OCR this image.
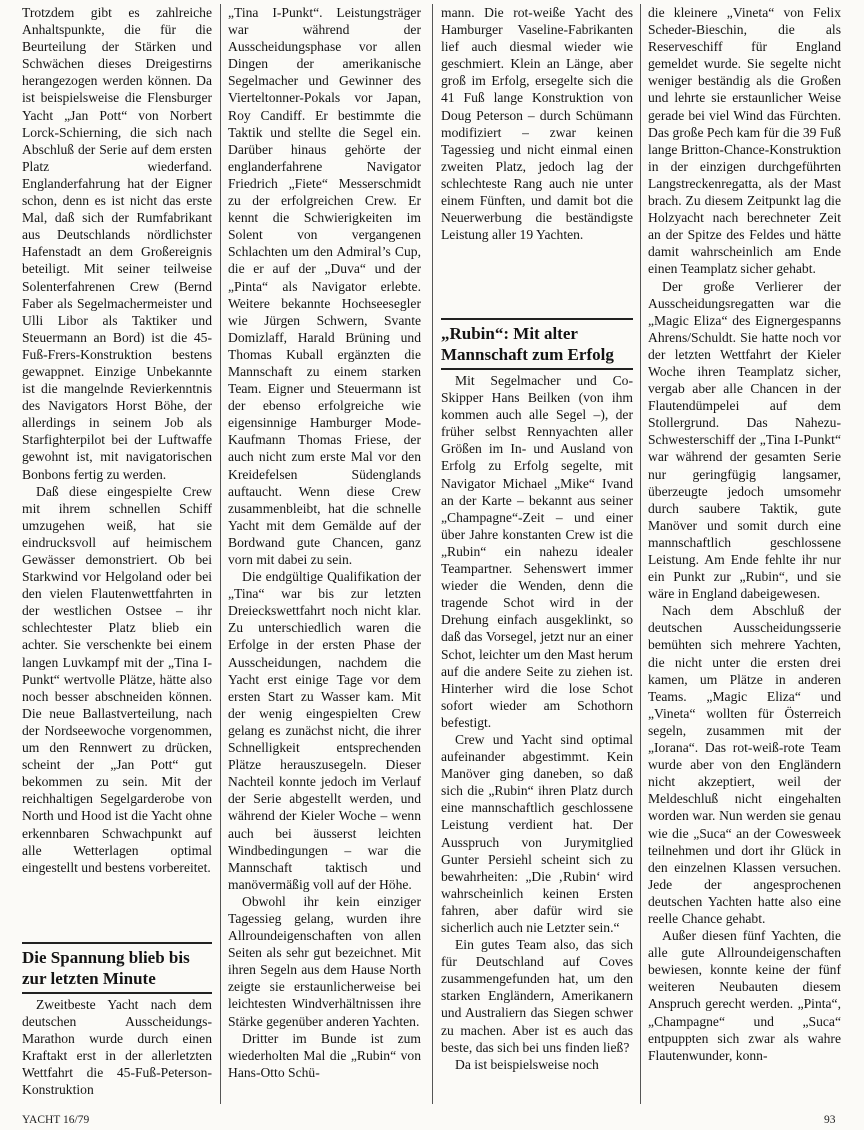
Trotzdem gibt es zahlreiche Anhaltspunkte, die für die Beurteilung der Stärken und Schwächen dieses Dreigestirns herangezogen werden können. Da ist beispielsweise die Flensburger Yacht „Jan Pott“ von Norbert Lorck-Schierning, die sich nach Abschluß der Serie auf dem ersten Platz wiederfand. Englanderfahrung hat der Eigner schon, denn es ist nicht das erste Mal, daß sich der Rumfabrikant aus Deutschlands nördlichster Hafenstadt an dem Großereignis beteiligt. Mit seiner teilweise Solenterfahrenen Crew (Bernd Faber als Segelmachermeister und Ulli Libor als Taktiker und Steuermann an Bord) ist die 45-Fuß-Frers-Konstruktion bestens gewappnet. Einzige Unbekannte ist die mangelnde Revierkenntnis des Navigators Horst Böhe, der allerdings in seinem Job als Starfighterpilot bei der Luftwaffe gewohnt ist, mit navigatorischen Bonbons fertig zu werden.

Daß diese eingespielte Crew mit ihrem schnellen Schiff umzugehen weiß, hat sie eindrucksvoll auf heimischem Gewässer demonstriert. Ob bei Starkwind vor Helgoland oder bei den vielen Flautenwettfahrten in der westlichen Ostsee – ihr schlechtester Platz blieb ein achter. Sie verschenkte bei einem langen Luvkampf mit der „Tina I-Punkt“ wertvolle Plätze, hätte also noch besser abschneiden können. Die neue Ballastverteilung, nach der Nordseewoche vorgenommen, um den Rennwert zu drücken, scheint der „Jan Pott“ gut bekommen zu sein. Mit der reichhaltigen Segelgarderobe von North und Hood ist die Yacht ohne erkennbaren Schwachpunkt auf alle Wetterlagen optimal eingestellt und bestens vorbereitet.

Die Spannung blieb bis zur letzten Minute

Zweitbeste Yacht nach dem deutschen Ausscheidungs-Marathon wurde durch einen Kraftakt erst in der allerletzten Wettfahrt die 45-Fuß-Peterson-Konstruktion

„Tina I-Punkt“. Leistungsträger war während der Ausscheidungsphase vor allen Dingen der amerikanische Segelmacher und Gewinner des Vierteltonner-Pokals vor Japan, Roy Candiff. Er bestimmte die Taktik und stellte die Segel ein. Darüber hinaus gehörte der englanderfahrene Navigator Friedrich „Fiete“ Messerschmidt zu der erfolgreichen Crew. Er kennt die Schwierigkeiten im Solent von vergangenen Schlachten um den Admiral’s Cup, die er auf der „Duva“ und der „Pinta“ als Navigator erlebte. Weitere bekannte Hochseesegler wie Jürgen Schwern, Svante Domizlaff, Harald Brüning und Thomas Kuball ergänzten die Mannschaft zu einem starken Team. Eigner und Steuermann ist der ebenso erfolgreiche wie eigensinnige Hamburger Mode-Kaufmann Thomas Friese, der auch nicht zum erste Mal vor den Kreidefelsen Südenglands auftaucht. Wenn diese Crew zusammenbleibt, hat die schnelle Yacht mit dem Gemälde auf der Bordwand gute Chancen, ganz vorn mit dabei zu sein.

Die endgültige Qualifikation der „Tina“ war bis zur letzten Dreieckswettfahrt noch nicht klar. Zu unterschiedlich waren die Erfolge in der ersten Phase der Ausscheidungen, nachdem die Yacht erst einige Tage vor dem ersten Start zu Wasser kam. Mit der wenig eingespielten Crew gelang es zunächst nicht, die ihrer Schnelligkeit entsprechenden Plätze herauszusegeln. Dieser Nachteil konnte jedoch im Verlauf der Serie abgestellt werden, und während der Kieler Woche – wenn auch bei äusserst leichten Windbedingungen – war die Mannschaft taktisch und manövermäßig voll auf der Höhe.

Obwohl ihr kein einziger Tagessieg gelang, wurden ihre Allroundeigenschaften von allen Seiten als sehr gut bezeichnet. Mit ihren Segeln aus dem Hause North zeigte sie erstaunlicherweise bei leichtesten Windverhältnissen ihre Stärke gegenüber anderen Yachten.

Dritter im Bunde ist zum wiederholten Mal die „Rubin“ von Hans-Otto Schü-

mann. Die rot-weiße Yacht des Hamburger Vaseline-Fabrikanten lief auch diesmal wieder wie geschmiert. Klein an Länge, aber groß im Erfolg, ersegelte sich die 41 Fuß lange Konstruktion von Doug Peterson – durch Schümann modifiziert – zwar keinen Tagessieg und nicht einmal einen zweiten Platz, jedoch lag der schlechteste Rang auch nie unter einem Fünften, und damit bot die Neuerwerbung die beständigste Leistung aller 19 Yachten.

„Rubin“: Mit alter Mannschaft zum Erfolg

Mit Segelmacher und Co-Skipper Hans Beilken (von ihm kommen auch alle Segel –), der früher selbst Rennyachten aller Größen im In- und Ausland von Erfolg zu Erfolg segelte, mit Navigator Michael „Mike“ Ivand an der Karte – bekannt aus seiner „Champagne“-Zeit – und einer über Jahre konstanten Crew ist die „Rubin“ ein nahezu idealer Teampartner. Sehenswert immer wieder die Wenden, denn die tragende Schot wird in der Drehung einfach ausgeklinkt, so daß das Vorsegel, jetzt nur an einer Schot, leichter um den Mast herum auf die andere Seite zu ziehen ist. Hinterher wird die lose Schot sofort wieder am Schothorn befestigt.

Crew und Yacht sind optimal aufeinander abgestimmt. Kein Manöver ging daneben, so daß sich die „Rubin“ ihren Platz durch eine mannschaftlich geschlossene Leistung verdient hat. Der Ausspruch von Jurymitglied Gunter Persiehl scheint sich zu bewahrheiten: „Die ‚Rubin‘ wird wahrscheinlich keinen Ersten fahren, aber dafür wird sie sicherlich auch nie Letzter sein.“

Ein gutes Team also, das sich für Deutschland auf Coves zusammengefunden hat, um den starken Engländern, Amerikanern und Australiern das Siegen schwer zu machen. Aber ist es auch das beste, das sich bei uns finden ließ?

Da ist beispielsweise noch

die kleinere „Vineta“ von Felix Scheder-Bieschin, die als Reserveschiff für England gemeldet wurde. Sie segelte nicht weniger beständig als die Großen und lehrte sie erstaunlicher Weise gerade bei viel Wind das Fürchten. Das große Pech kam für die 39 Fuß lange Britton-Chance-Konstruktion in der einzigen durchgeführten Langstreckenregatta, als der Mast brach. Zu diesem Zeitpunkt lag die Holzyacht nach berechneter Zeit an der Spitze des Feldes und hätte damit wahrscheinlich am Ende einen Teamplatz sicher gehabt.

Der große Verlierer der Ausscheidungsregatten war die „Magic Eliza“ des Eignergespanns Ahrens/Schuldt. Sie hatte noch vor der letzten Wettfahrt der Kieler Woche ihren Teamplatz sicher, vergab aber alle Chancen in der Flautendümpelei auf dem Stollergrund. Das Nahezu-Schwesterschiff der „Tina I-Punkt“ war während der gesamten Serie nur geringfügig langsamer, überzeugte jedoch umsomehr durch saubere Taktik, gute Manöver und somit durch eine mannschaftlich geschlossene Leistung. Am Ende fehlte ihr nur ein Punkt zur „Rubin“, und sie wäre in England dabeigewesen.

Nach dem Abschluß der deutschen Ausscheidungsserie bemühten sich mehrere Yachten, die nicht unter die ersten drei kamen, um Plätze in anderen Teams. „Magic Eliza“ und „Vineta“ wollten für Österreich segeln, zusammen mit der „Iorana“. Das rot-weiß-rote Team wurde aber von den Engländern nicht akzeptiert, weil der Meldeschluß nicht eingehalten worden war. Nun werden sie genau wie die „Suca“ an der Cowesweek teilnehmen und dort ihr Glück in den einzelnen Klassen versuchen. Jede der angesprochenen deutschen Yachten hatte also eine reelle Chance gehabt.

Außer diesen fünf Yachten, die alle gute Allroundeigenschaften bewiesen, konnte keine der fünf weiteren Neubauten diesem Anspruch gerecht werden. „Pinta“, „Champagne“ und „Suca“ entpuppten sich zwar als wahre Flautenwunder, konn-

YACHT 16/79	93
